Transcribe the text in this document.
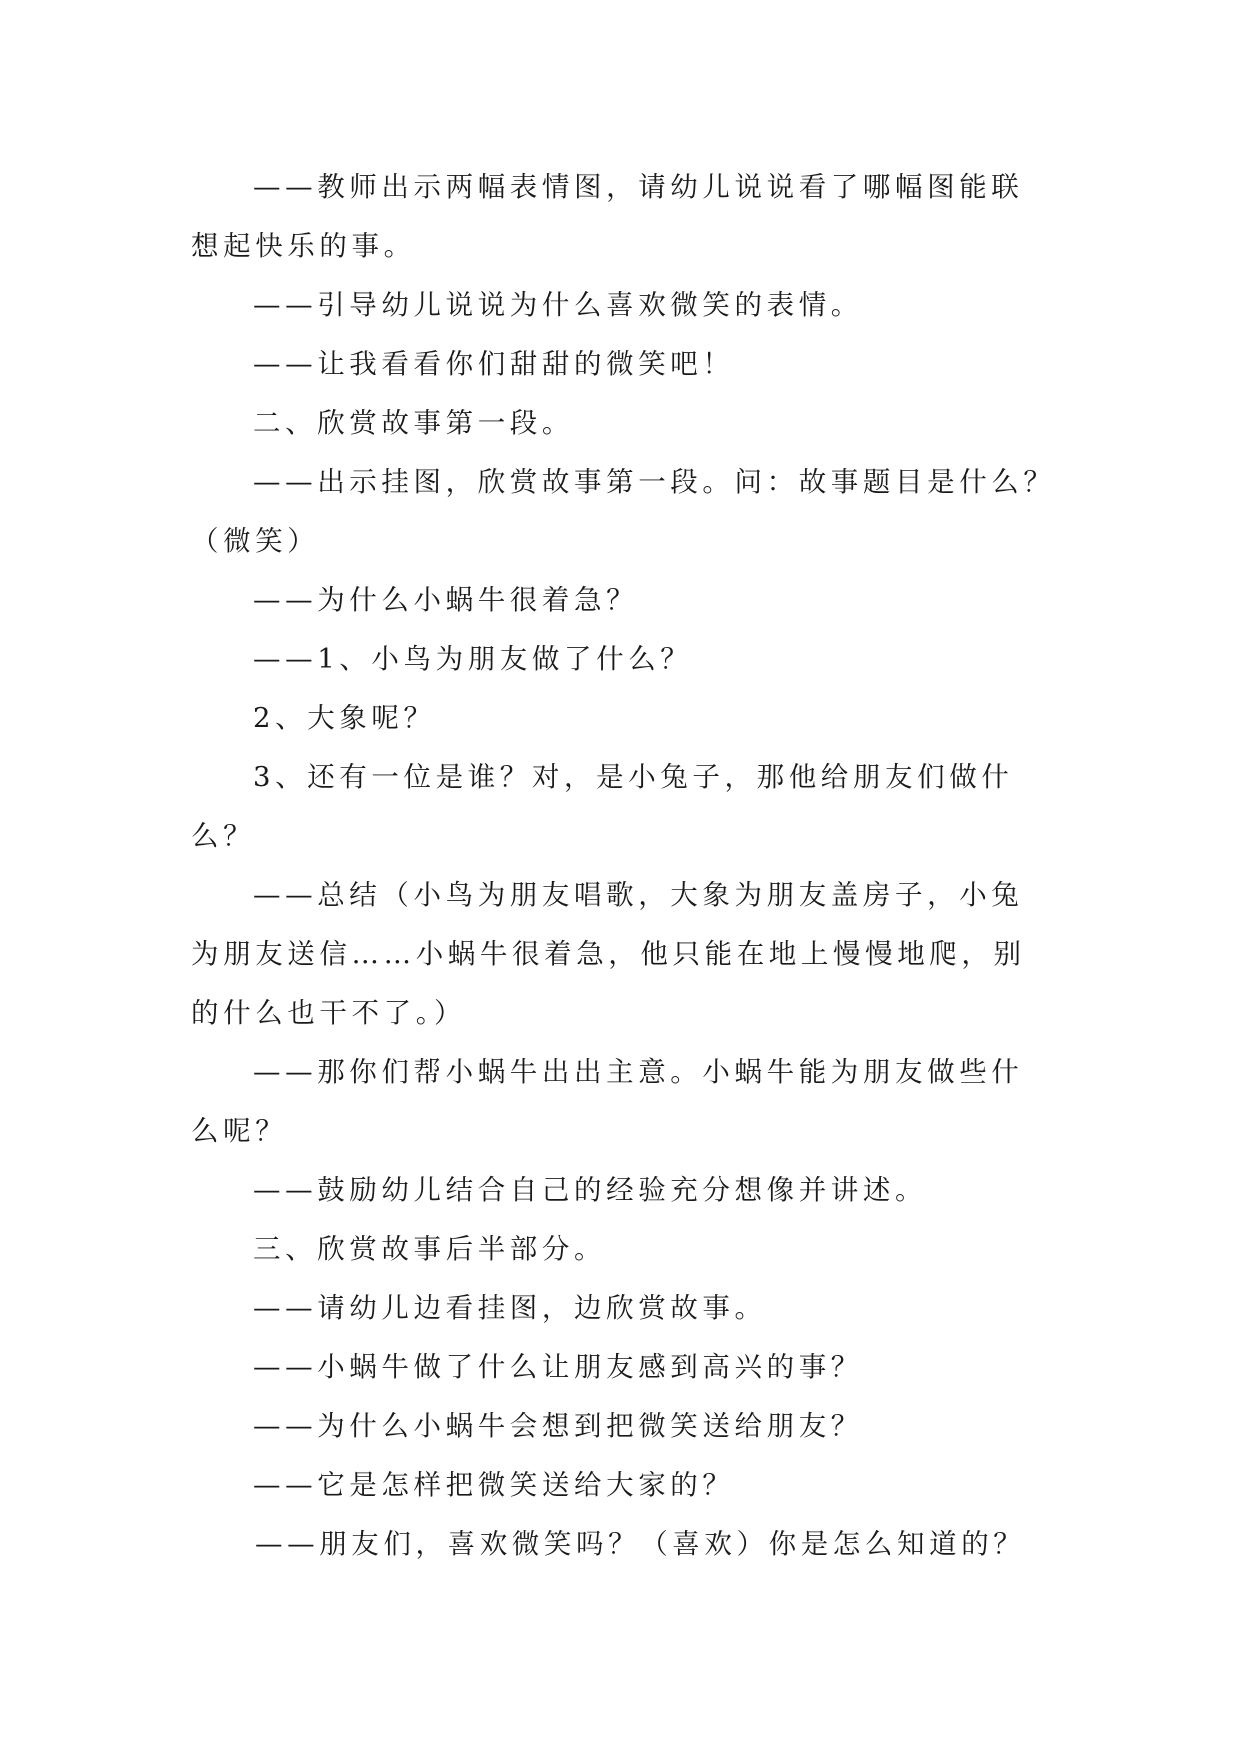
——教师出示两幅表情图，请幼儿说说看了哪幅图能联
想起快乐的事。
——引导幼儿说说为什么喜欢微笑的表情。
——让我看看你们甜甜的微笑吧！
二、欣赏故事第一段。
——出示挂图，欣赏故事第一段。问：故事题目是什么？
（微笑）
——为什么小蜗牛很着急？
——1、小鸟为朋友做了什么？
2、大象呢？
3、还有一位是谁？对，是小兔子，那他给朋友们做什
么？
——总结（小鸟为朋友唱歌，大象为朋友盖房子，小兔
为朋友送信……小蜗牛很着急，他只能在地上慢慢地爬，别
的什么也干不了。）
——那你们帮小蜗牛出出主意。小蜗牛能为朋友做些什
么呢？
——鼓励幼儿结合自己的经验充分想像并讲述。
三、欣赏故事后半部分。
——请幼儿边看挂图，边欣赏故事。
——小蜗牛做了什么让朋友感到高兴的事？
——为什么小蜗牛会想到把微笑送给朋友？
——它是怎样把微笑送给大家的？
——朋友们，喜欢微笑吗？（喜欢）你是怎么知道的？
